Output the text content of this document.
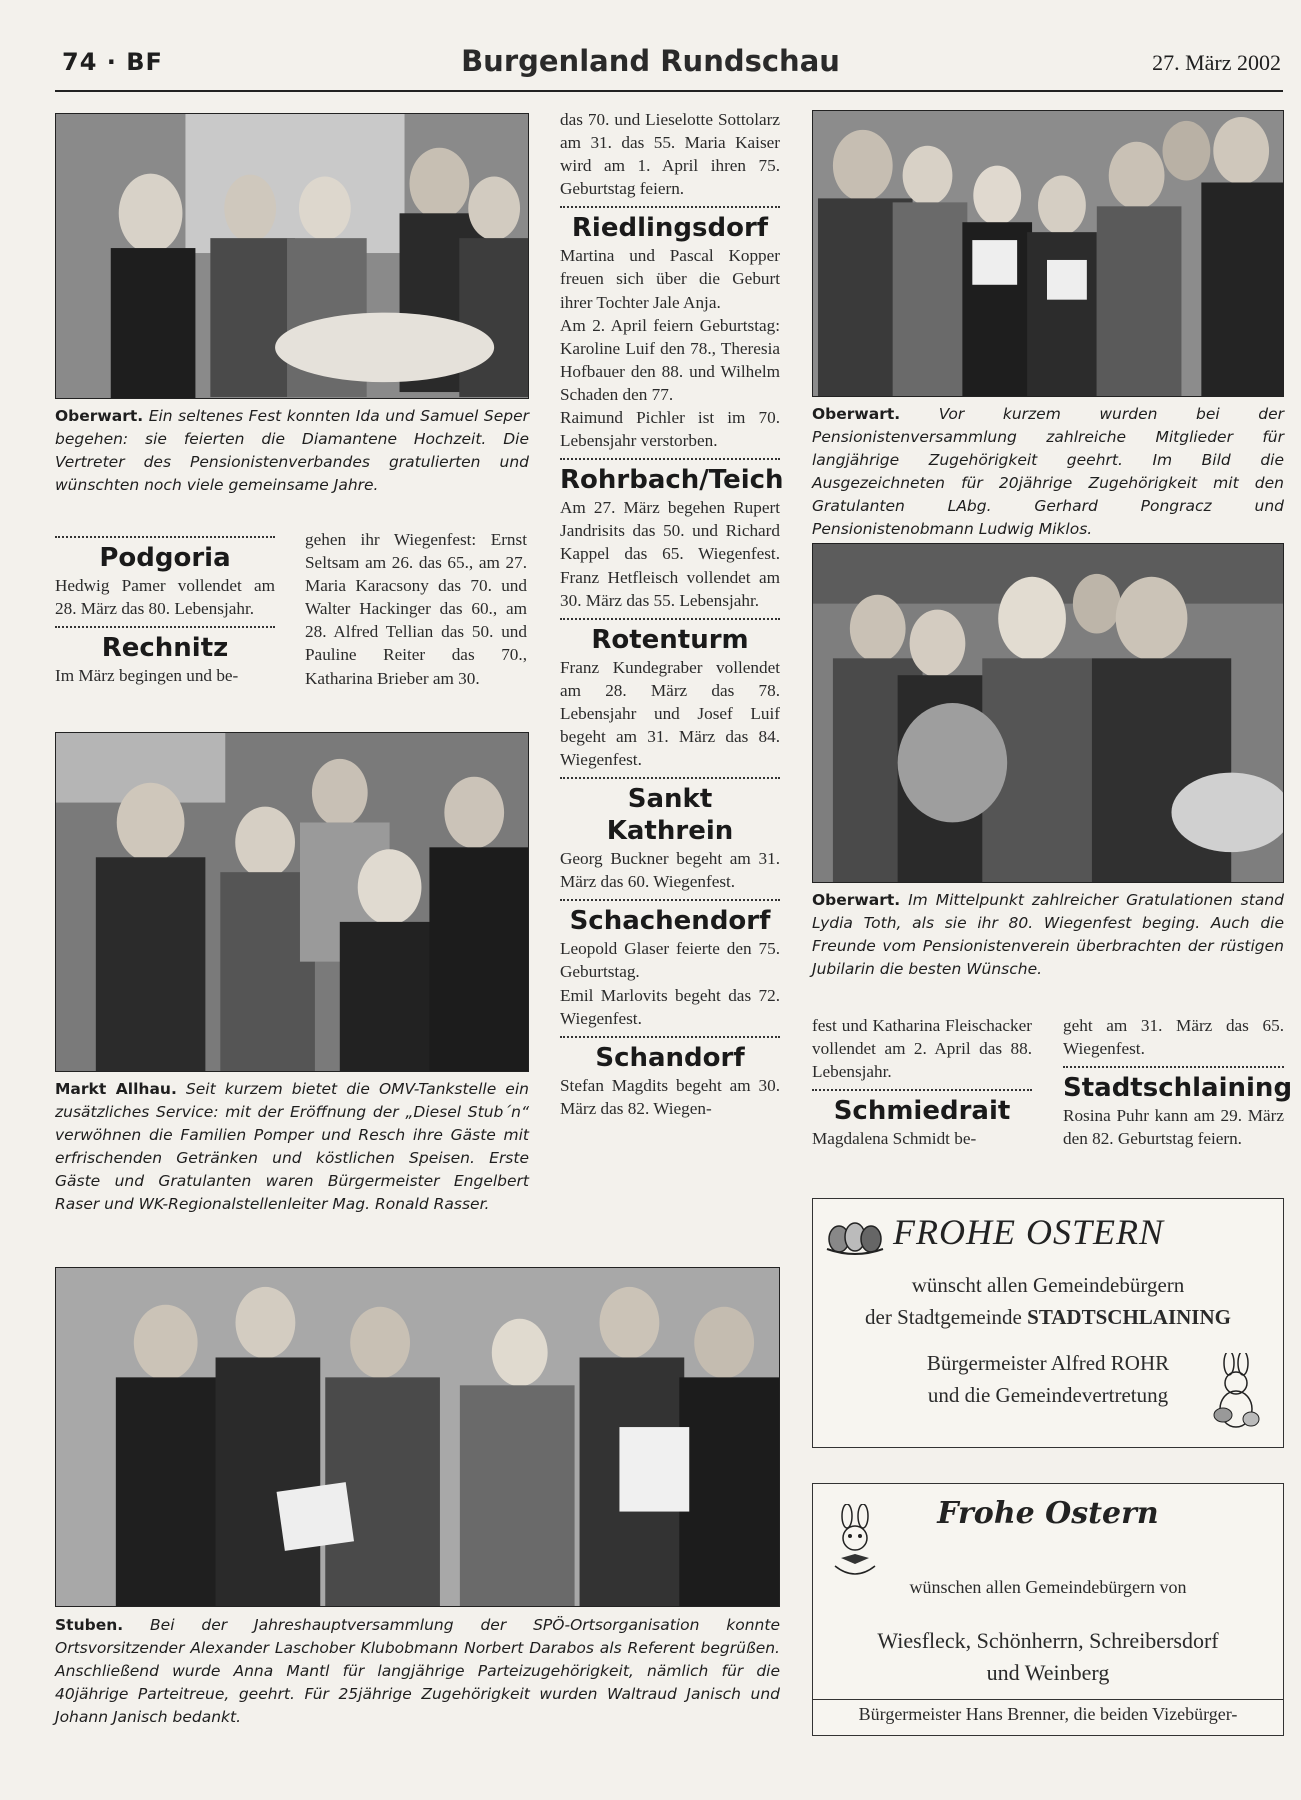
74 · BF	Burgenland Rundschau	27. März 2002
Oberwart. Ein seltenes Fest konnten Ida und Samuel Seper begehen: sie feierten die Diamantene Hochzeit. Die Vertreter des Pensionistenverbandes gratulierten und wünschten noch viele gemeinsame Jahre.
Podgoria
Hedwig Pamer vollendet am 28. März das 80. Lebensjahr.
Rechnitz
Im März begingen und be-
gehen ihr Wiegenfest: Ernst Seltsam am 26. das 65., am 27. Maria Karacsony das 70. und Walter Hackinger das 60., am 28. Alfred Tellian das 50. und Pauline Reiter das 70., Katharina Brieber am 30.
Markt Allhau. Seit kurzem bietet die OMV-Tankstelle ein zusätzliches Service: mit der Eröffnung der „Diesel Stub´n“ verwöhnen die Familien Pomper und Resch ihre Gäste mit erfrischenden Getränken und köstlichen Speisen. Erste Gäste und Gratulanten waren Bürgermeister Engelbert Raser und WK-Regionalstellenleiter Mag. Ronald Rasser.
Stuben. Bei der Jahreshauptversammlung der SPÖ-Ortsorganisation konnte Ortsvorsitzender Alexander Laschober Klubobmann Norbert Darabos als Referent begrüßen. Anschließend wurde Anna Mantl für langjährige Parteizugehörigkeit, nämlich für die 40jährige Parteitreue, geehrt. Für 25jährige Zugehörigkeit wurden Waltraud Janisch und Johann Janisch bedankt.
das 70. und Lieselotte Sottolarz am 31. das 55. Maria Kaiser wird am 1. April ihren 75. Geburtstag feiern.
Riedlingsdorf
Martina und Pascal Kopper freuen sich über die Geburt ihrer Tochter Jale Anja.
Am 2. April feiern Geburtstag: Karoline Luif den 78., Theresia Hofbauer den 88. und Wilhelm Schaden den 77.
Raimund Pichler ist im 70. Lebensjahr verstorben.
Rohrbach/Teich
Am 27. März begehen Rupert Jandrisits das 50. und Richard Kappel das 65. Wiegenfest. Franz Hetfleisch vollendet am 30. März das 55. Lebensjahr.
Rotenturm
Franz Kundegraber vollendet am 28. März das 78. Lebensjahr und Josef Luif begeht am 31. März das 84. Wiegenfest.
Sankt Kathrein
Georg Buckner begeht am 31. März das 60. Wiegenfest.
Schachendorf
Leopold Glaser feierte den 75. Geburtstag.
Emil Marlovits begeht das 72. Wiegenfest.
Schandorf
Stefan Magdits begeht am 30. März das 82. Wiegen-
Oberwart. Vor kurzem wurden bei der Pensionistenversammlung zahlreiche Mitglieder für langjährige Zugehörigkeit geehrt. Im Bild die Ausgezeichneten für 20jährige Zugehörigkeit mit den Gratulanten LAbg. Gerhard Pongracz und Pensionistenobmann Ludwig Miklos.
Oberwart. Im Mittelpunkt zahlreicher Gratulationen stand Lydia Toth, als sie ihr 80. Wiegenfest beging. Auch die Freunde vom Pensionistenverein überbrachten der rüstigen Jubilarin die besten Wünsche.
fest und Katharina Fleischacker vollendet am 2. April das 88. Lebensjahr.
Schmiedrait
Magdalena Schmidt be-
geht am 31. März das 65. Wiegenfest.
Stadtschlaining
Rosina Puhr kann am 29. März den 82. Geburtstag feiern.
FROHE OSTERN
wünscht allen Gemeindebürgern
der Stadtgemeinde STADTSCHLAINING
Bürgermeister Alfred ROHR
und die Gemeindevertretung
Frohe Ostern
wünschen allen Gemeindebürgern von
Wiesfleck, Schönherrn, Schreibersdorf
und Weinberg
Bürgermeister Hans Brenner, die beiden Vizebürger-
